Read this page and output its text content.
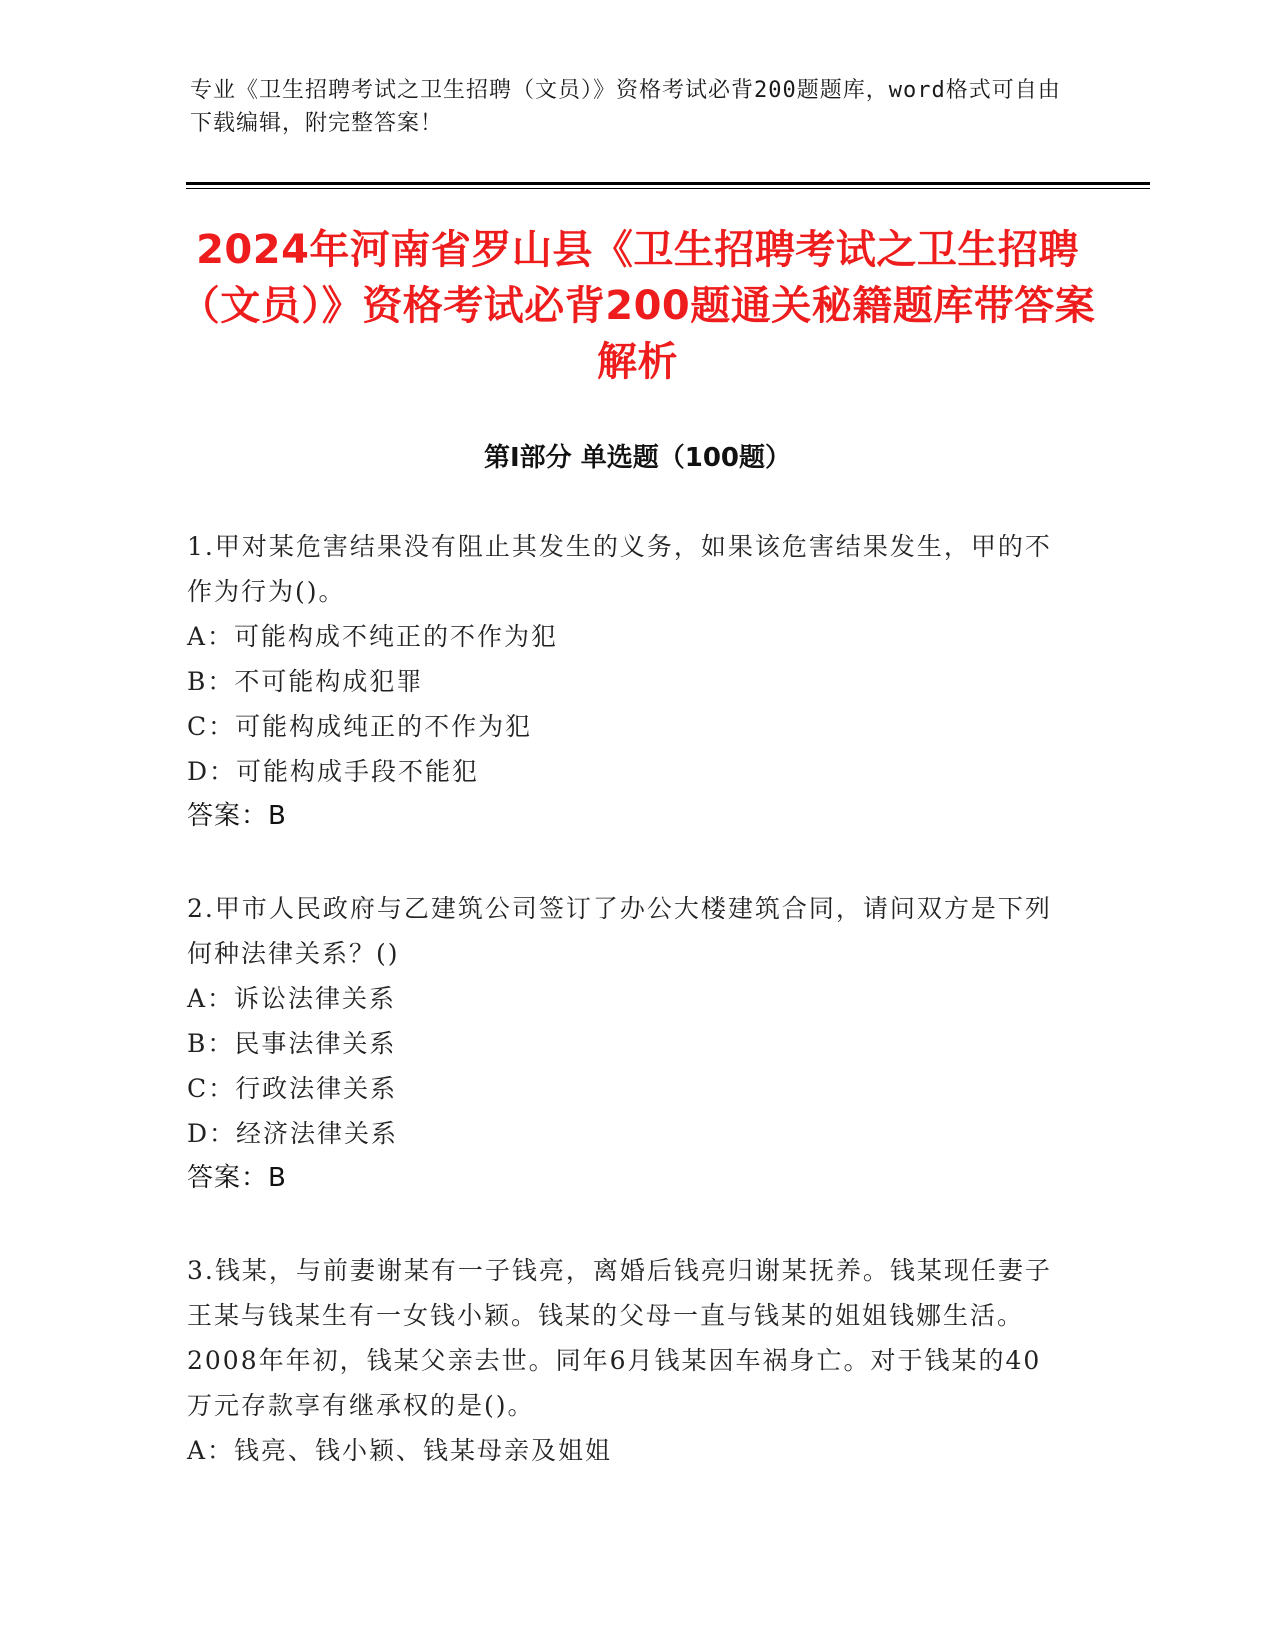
专业《卫生招聘考试之卫生招聘（文员）》资格考试必背200题题库，word格式可自由下载编辑，附完整答案！
2024年河南省罗山县《卫生招聘考试之卫生招聘（文员）》资格考试必背200题通关秘籍题库带答案解析
第Ⅰ部分 单选题（100题）
1.甲对某危害结果没有阻止其发生的义务，如果该危害结果发生，甲的不作为行为()。
A：可能构成不纯正的不作为犯
B：不可能构成犯罪
C：可能构成纯正的不作为犯
D：可能构成手段不能犯
答案：B
2.甲市人民政府与乙建筑公司签订了办公大楼建筑合同，请问双方是下列何种法律关系？()
A：诉讼法律关系
B：民事法律关系
C：行政法律关系
D：经济法律关系
答案：B
3.钱某，与前妻谢某有一子钱亮，离婚后钱亮归谢某抚养。钱某现任妻子王某与钱某生有一女钱小颖。钱某的父母一直与钱某的姐姐钱娜生活。2008年年初，钱某父亲去世。同年6月钱某因车祸身亡。对于钱某的40万元存款享有继承权的是()。
A：钱亮、钱小颖、钱某母亲及姐姐
